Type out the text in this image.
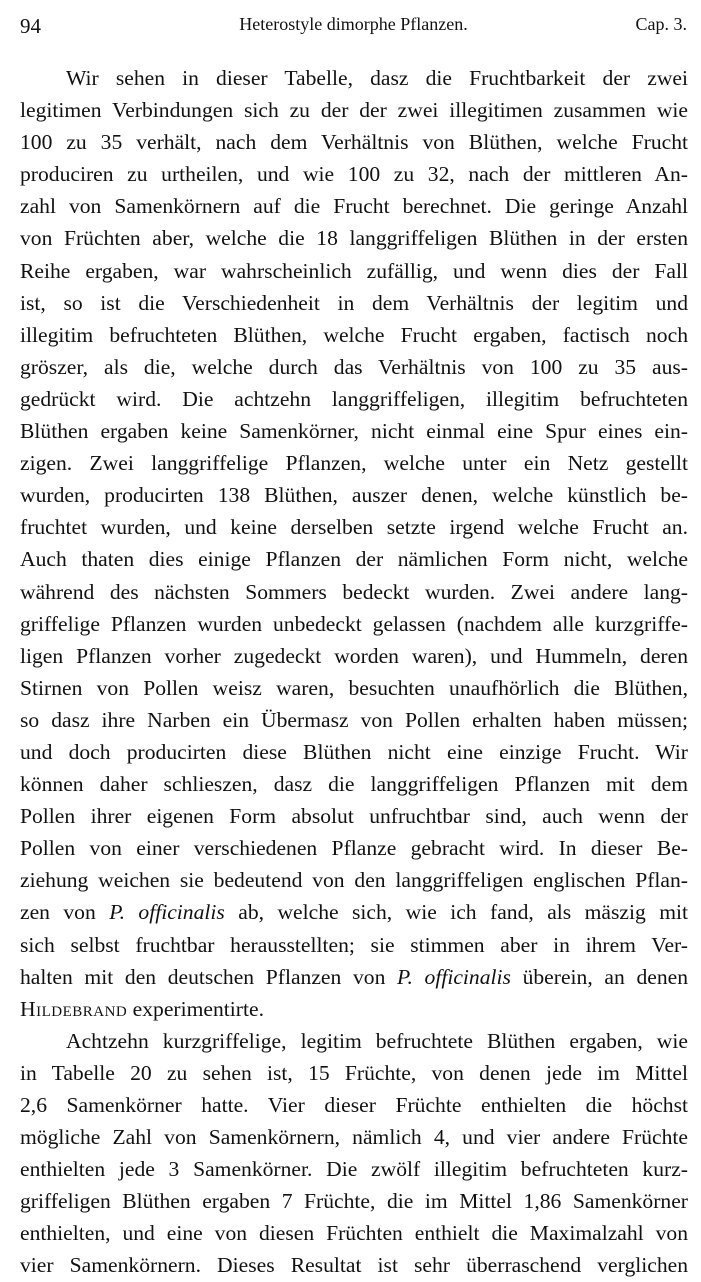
94	Heterostyle dimorphe Pflanzen.	Cap. 3.
Wir sehen in dieser Tabelle, dasz die Fruchtbarkeit der zwei
legitimen Verbindungen sich zu der der zwei illegitimen zusammen wie
100 zu 35 verhält, nach dem Verhältnis von Blüthen, welche Frucht
produciren zu urtheilen, und wie 100 zu 32, nach der mittleren An-
zahl von Samenkörnern auf die Frucht berechnet. Die geringe Anzahl
von Früchten aber, welche die 18 langgriffeligen Blüthen in der ersten
Reihe ergaben, war wahrscheinlich zufällig, und wenn dies der Fall
ist, so ist die Verschiedenheit in dem Verhältnis der legitim und
illegitim befruchteten Blüthen, welche Frucht ergaben, factisch noch
gröszer, als die, welche durch das Verhältnis von 100 zu 35 aus-
gedrückt wird. Die achtzehn langgriffeligen, illegitim befruchteten
Blüthen ergaben keine Samenkörner, nicht einmal eine Spur eines ein-
zigen. Zwei langgriffelige Pflanzen, welche unter ein Netz gestellt
wurden, producirten 138 Blüthen, auszer denen, welche künstlich be-
fruchtet wurden, und keine derselben setzte irgend welche Frucht an.
Auch thaten dies einige Pflanzen der nämlichen Form nicht, welche
während des nächsten Sommers bedeckt wurden. Zwei andere lang-
griffelige Pflanzen wurden unbedeckt gelassen (nachdem alle kurzgriffe-
ligen Pflanzen vorher zugedeckt worden waren), und Hummeln, deren
Stirnen von Pollen weisz waren, besuchten unaufhörlich die Blüthen,
so dasz ihre Narben ein Übermasz von Pollen erhalten haben müssen;
und doch producirten diese Blüthen nicht eine einzige Frucht. Wir
können daher schlieszen, dasz die langgriffeligen Pflanzen mit dem
Pollen ihrer eigenen Form absolut unfruchtbar sind, auch wenn der
Pollen von einer verschiedenen Pflanze gebracht wird. In dieser Be-
ziehung weichen sie bedeutend von den langgriffeligen englischen Pflan-
zen von P. officinalis ab, welche sich, wie ich fand, als mäszig mit
sich selbst fruchtbar herausstellten; sie stimmen aber in ihrem Ver-
halten mit den deutschen Pflanzen von P. officinalis überein, an denen
Hildebrand experimentirte.
Achtzehn kurzgriffelige, legitim befruchtete Blüthen ergaben, wie
in Tabelle 20 zu sehen ist, 15 Früchte, von denen jede im Mittel
2,6 Samenkörner hatte. Vier dieser Früchte enthielten die höchst
mögliche Zahl von Samenkörnern, nämlich 4, und vier andere Früchte
enthielten jede 3 Samenkörner. Die zwölf illegitim befruchteten kurz-
griffeligen Blüthen ergaben 7 Früchte, die im Mittel 1,86 Samenkörner
enthielten, und eine von diesen Früchten enthielt die Maximalzahl von
vier Samenkörnern. Dieses Resultat ist sehr überraschend verglichen
